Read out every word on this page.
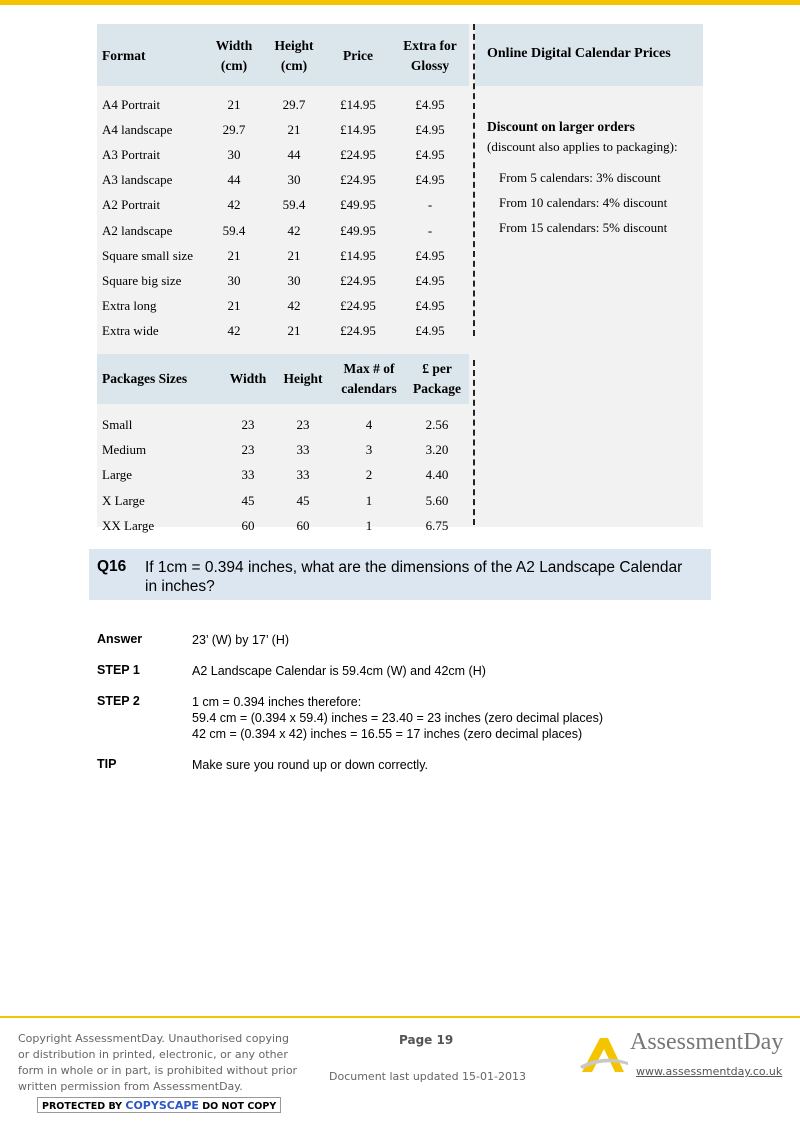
Format	Width (cm)	Height (cm)	Price	Extra for Glossy

A4 Portrait	21	29.7	£14.95	£4.95
A4 landscape	29.7	21	£14.95	£4.95
A3 Portrait	30	44	£24.95	£4.95
A3 landscape	44	30	£24.95	£4.95
A2 Portrait	42	59.4	£49.95	-
A2 landscape	59.4	42	£49.95	-
Square small size	21	21	£14.95	£4.95
Square big size	30	30	£24.95	£4.95
Extra long	21	42	£24.95	£4.95
Extra wide	42	21	£24.95	£4.95
Packages Sizes	Width	Height	Max # of calendars	£ per Package

Small	23	23	4	2.56
Medium	23	33	3	3.20
Large	33	33	2	4.40
X Large	45	45	1	5.60
XX Large	60	60	1	6.75
Online Digital Calendar Prices
Discount on larger orders
(discount also applies to packaging):
From 5 calendars: 3% discount
From 10 calendars: 4% discount
From 15 calendars: 5% discount
Q16 If 1cm = 0.394 inches, what are the dimensions of the A2 Landscape Calendar in inches?
Answer	23’ (W) by 17’ (H)
STEP 1	A2 Landscape Calendar is 59.4cm (W) and 42cm (H)
STEP 2	1 cm = 0.394 inches therefore:
59.4 cm = (0.394 x 59.4) inches = 23.40 = 23 inches (zero decimal places)
42 cm = (0.394 x 42) inches = 16.55 = 17 inches (zero decimal places)
TIP	Make sure you round up or down correctly.
Copyright AssessmentDay. Unauthorised copying or distribution in printed, electronic, or any other form in whole or in part, is prohibited without prior written permission from AssessmentDay.
PROTECTED BY COPYSCAPE DO NOT COPY
Page 19
Document last updated 15-01-2013
AssessmentDay
www.assessmentday.co.uk
